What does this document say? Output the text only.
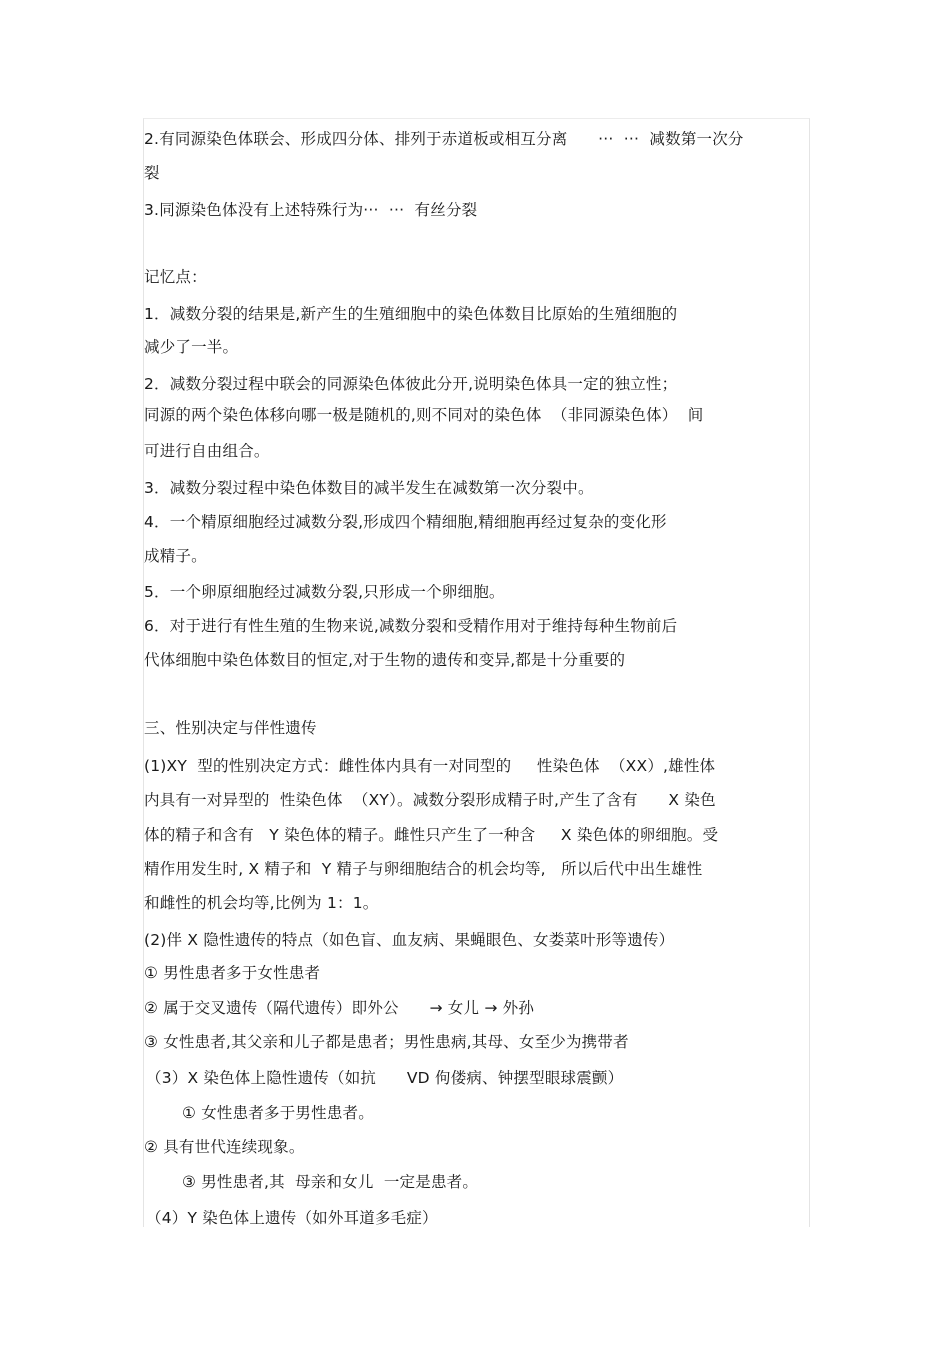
2.有同源染色体联会、形成四分体、排列于赤道板或相互分离      ···  ···  减数第一次分
裂
3.同源染色体没有上述特殊行为···  ···  有丝分裂
记忆点：
1．减数分裂的结果是,新产生的生殖细胞中的染色体数目比原始的生殖细胞的
减少了一半。
2．减数分裂过程中联会的同源染色体彼此分开,说明染色体具一定的独立性；
同源的两个染色体移向哪一极是随机的,则不同对的染色体  （非同源染色体）  间
可进行自由组合。
3．减数分裂过程中染色体数目的减半发生在减数第一次分裂中。
4．一个精原细胞经过减数分裂,形成四个精细胞,精细胞再经过复杂的变化形
成精子。
5．一个卵原细胞经过减数分裂,只形成一个卵细胞。
6．对于进行有性生殖的生物来说,减数分裂和受精作用对于维持每种生物前后
代体细胞中染色体数目的恒定,对于生物的遗传和变异,都是十分重要的
三、性别决定与伴性遗传
(1)XY  型的性别决定方式：雌性体内具有一对同型的     性染色体  （XX）,雄性体
内具有一对异型的  性染色体  （XY）。减数分裂形成精子时,产生了含有      X 染色
体的精子和含有   Y 染色体的精子。雌性只产生了一种含     X 染色体的卵细胞。受
精作用发生时, X 精子和  Y 精子与卵细胞结合的机会均等,   所以后代中出生雄性
和雌性的机会均等,比例为 1：1。
(2)伴 X 隐性遗传的特点（如色盲、血友病、果蝇眼色、女娄菜叶形等遗传）
① 男性患者多于女性患者
② 属于交叉遗传（隔代遗传）即外公      → 女儿 → 外孙
③ 女性患者,其父亲和儿子都是患者；男性患病,其母、女至少为携带者
（3）X 染色体上隐性遗传（如抗      VD 佝偻病、钟摆型眼球震颤）
① 女性患者多于男性患者。
② 具有世代连续现象。
③ 男性患者,其  母亲和女儿  一定是患者。
（4）Y 染色体上遗传（如外耳道多毛症）
